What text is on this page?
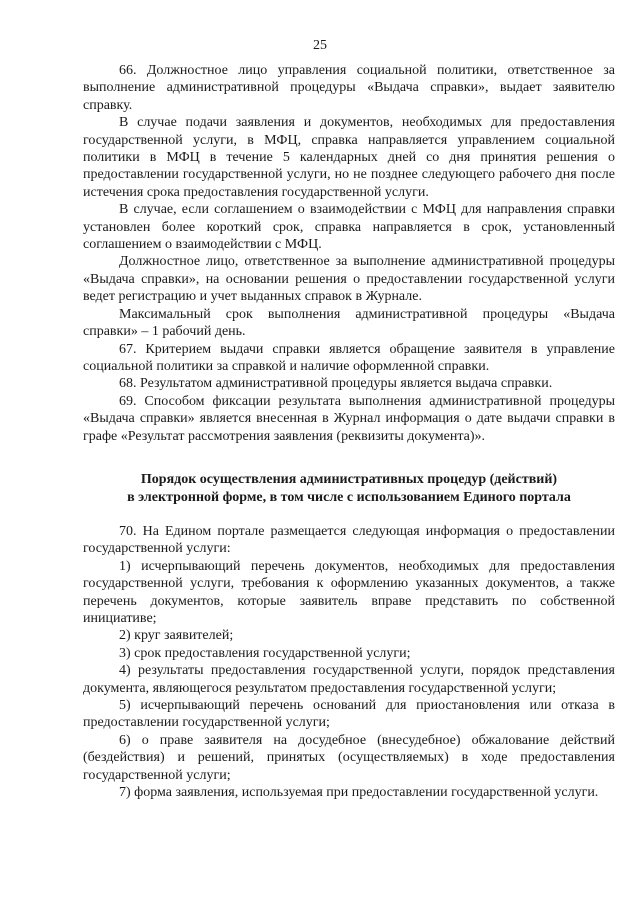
25

66. Должностное лицо управления социальной политики, ответственное за выполнение административной процедуры «Выдача справки», выдает заявителю справку.

В случае подачи заявления и документов, необходимых для предоставления государственной услуги, в МФЦ, справка направляется управлением социальной политики в МФЦ в течение 5 календарных дней со дня принятия решения о предоставлении государственной услуги, но не позднее следующего рабочего дня после истечения срока предоставления государственной услуги.

В случае, если соглашением о взаимодействии с МФЦ для направления справки установлен более короткий срок, справка направляется в срок, установленный соглашением о взаимодействии с МФЦ.

Должностное лицо, ответственное за выполнение административной процедуры «Выдача справки», на основании решения о предоставлении государственной услуги ведет регистрацию и учет выданных справок в Журнале.

Максимальный срок выполнения административной процедуры «Выдача справки» – 1 рабочий день.

67. Критерием выдачи справки является обращение заявителя в управление социальной политики за справкой и наличие оформленной справки.

68. Результатом административной процедуры является выдача справки.

69. Способом фиксации результата выполнения административной процедуры «Выдача справки» является внесенная в Журнал информация о дате выдачи справки в графе «Результат рассмотрения заявления (реквизиты документа)».

Порядок осуществления административных процедур (действий)

в электронной форме, в том числе с использованием Единого портала

70. На Едином портале размещается следующая информация о предоставлении государственной услуги:

1) исчерпывающий перечень документов, необходимых для предоставления государственной услуги, требования к оформлению указанных документов, а также перечень документов, которые заявитель вправе представить по собственной инициативе;

2) круг заявителей;

3) срок предоставления государственной услуги;

4) результаты предоставления государственной услуги, порядок представления документа, являющегося результатом предоставления государственной услуги;

5) исчерпывающий перечень оснований для приостановления или отказа в предоставлении государственной услуги;

6) о праве заявителя на досудебное (внесудебное) обжалование действий (бездействия) и решений, принятых (осуществляемых) в ходе предоставления государственной услуги;

7) форма заявления, используемая при предоставлении государственной услуги.
